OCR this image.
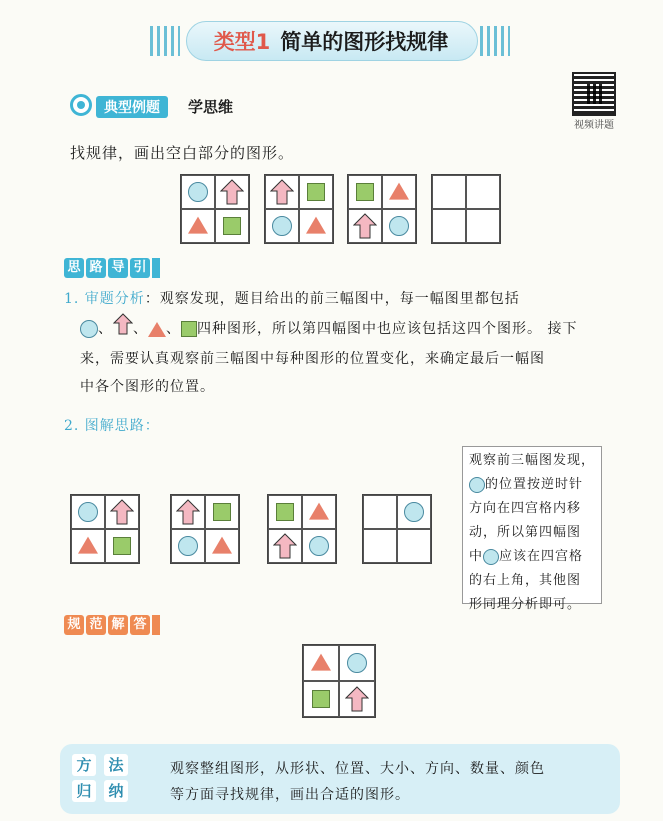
类型1 简单的图形找规律
视频讲题
典型例题	学思维
找规律，画出空白部分的图形。
思 路 导 引
1. 审题分析：观察发现，题目给出的前三幅图中，每一幅图里都包括
、 、 、 四种图形，所以第四幅图中也应该包括这四个图形。 接下
来，需要认真观察前三幅图中每种图形的位置变化，来确定最后一幅图
中各个图形的位置。
2. 图解思路：
观察前三幅图发现，
的位置按逆时针
方向在四宫格内移
动，所以第四幅图
中 应该在四宫格
的右上角，其他图
形同理分析即可。
规 范 解 答
方	法
归	纳
观察整组图形，从形状、位置、大小、方向、数量、颜色
等方面寻找规律，画出合适的图形。
